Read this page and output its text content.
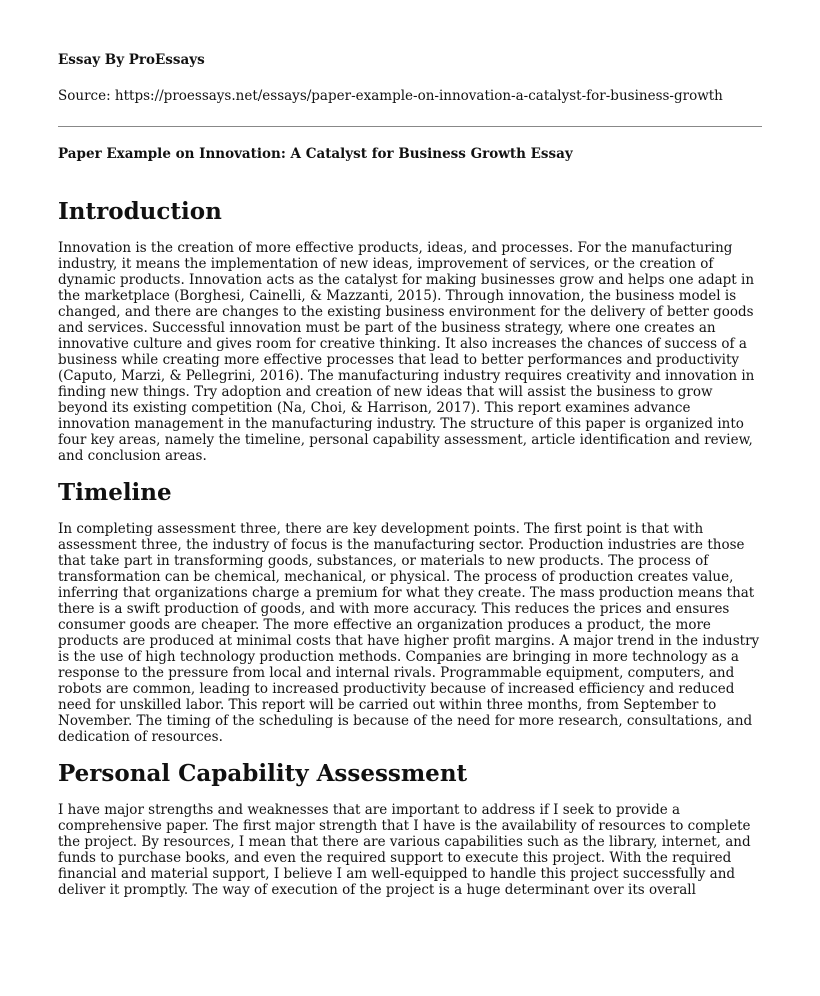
Essay By ProEssays

Source: https://proessays.net/essays/paper-example-on-innovation-a-catalyst-for-business-growth

Paper Example on Innovation: A Catalyst for Business Growth Essay

Introduction

Innovation is the creation of more effective products, ideas, and processes. For the manufacturing industry, it means the implementation of new ideas, improvement of services, or the creation of dynamic products. Innovation acts as the catalyst for making businesses grow and helps one adapt in the marketplace (Borghesi, Cainelli, & Mazzanti, 2015). Through innovation, the business model is changed, and there are changes to the existing business environment for the delivery of better goods and services. Successful innovation must be part of the business strategy, where one creates an innovative culture and gives room for creative thinking. It also increases the chances of success of a business while creating more effective processes that lead to better performances and productivity (Caputo, Marzi, & Pellegrini, 2016). The manufacturing industry requires creativity and innovation in finding new things. Try adoption and creation of new ideas that will assist the business to grow beyond its existing competition (Na, Choi, & Harrison, 2017). This report examines advance innovation management in the manufacturing industry. The structure of this paper is organized into four key areas, namely the timeline, personal capability assessment, article identification and review, and conclusion areas.

Timeline

In completing assessment three, there are key development points. The first point is that with assessment three, the industry of focus is the manufacturing sector. Production industries are those that take part in transforming goods, substances, or materials to new products. The process of transformation can be chemical, mechanical, or physical. The process of production creates value, inferring that organizations charge a premium for what they create. The mass production means that there is a swift production of goods, and with more accuracy. This reduces the prices and ensures consumer goods are cheaper. The more effective an organization produces a product, the more products are produced at minimal costs that have higher profit margins. A major trend in the industry is the use of high technology production methods. Companies are bringing in more technology as a response to the pressure from local and internal rivals. Programmable equipment, computers, and robots are common, leading to increased productivity because of increased efficiency and reduced need for unskilled labor. This report will be carried out within three months, from September to November. The timing of the scheduling is because of the need for more research, consultations, and dedication of resources.

Personal Capability Assessment

I have major strengths and weaknesses that are important to address if I seek to provide a comprehensive paper. The first major strength that I have is the availability of resources to complete the project. By resources, I mean that there are various capabilities such as the library, internet, and funds to purchase books, and even the required support to execute this project. With the required financial and material support, I believe I am well-equipped to handle this project successfully and deliver it promptly. The way of execution of the project is a huge determinant over its overall
